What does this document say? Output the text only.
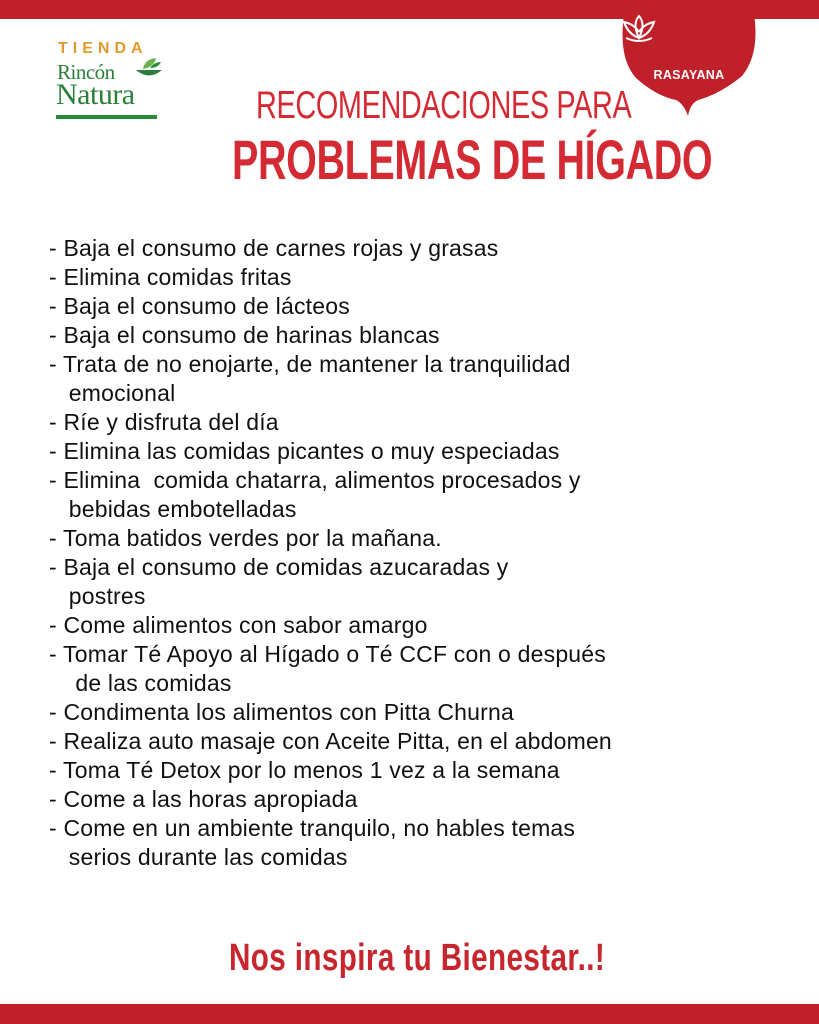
TIENDA
Rincón
Natura
RASAYANA
RECOMENDACIONES PARA
PROBLEMAS DE HÍGADO
- Baja el consumo de carnes rojas y grasas
- Elimina comidas fritas
- Baja el consumo de lácteos
- Baja el consumo de harinas blancas
- Trata de no enojarte, de mantener la tranquilidad
emocional
- Ríe y disfruta del día
- Elimina las comidas picantes o muy especiadas
- Elimina  comida chatarra, alimentos procesados y
bebidas embotelladas
- Toma batidos verdes por la mañana.
- Baja el consumo de comidas azucaradas y
postres
- Come alimentos con sabor amargo
- Tomar Té Apoyo al Hígado o Té CCF con o después
de las comidas
- Condimenta los alimentos con Pitta Churna
- Realiza auto masaje con Aceite Pitta, en el abdomen
- Toma Té Detox por lo menos 1 vez a la semana
- Come a las horas apropiada
- Come en un ambiente tranquilo, no hables temas
serios durante las comidas
Nos inspira tu Bienestar..!
